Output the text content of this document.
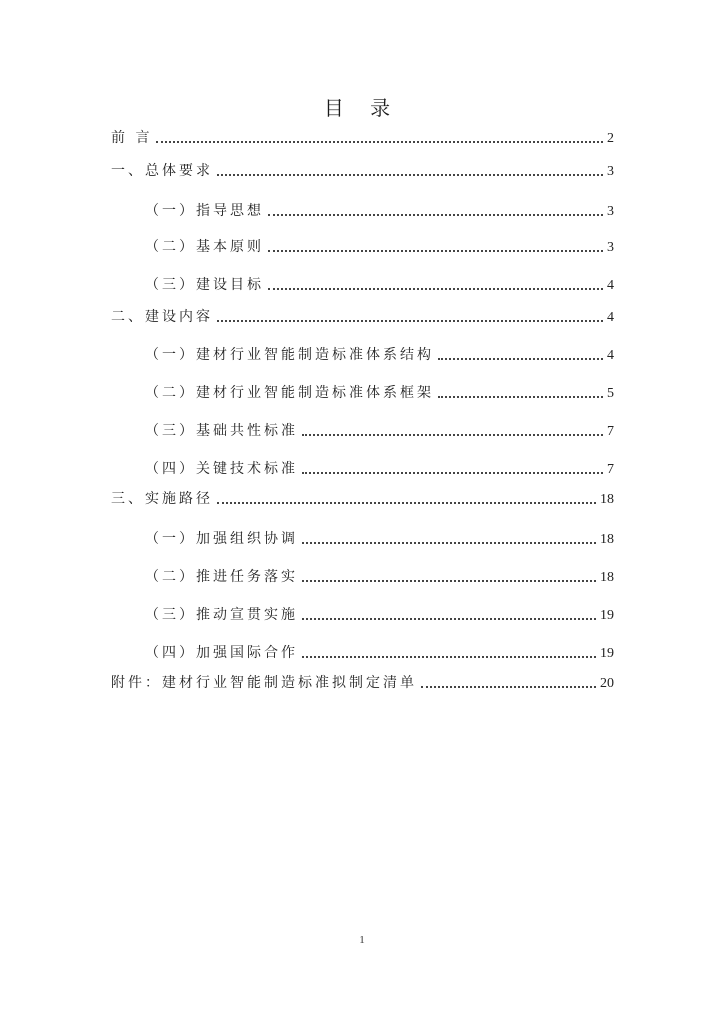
目 录
前 言	2
一、总体要求	3
（一）指导思想	3
（二）基本原则	3
（三）建设目标	4
二、建设内容	4
（一）建材行业智能制造标准体系结构	4
（二）建材行业智能制造标准体系框架	5
（三）基础共性标准	7
（四）关键技术标准	7
三、实施路径	18
（一）加强组织协调	18
（二）推进任务落实	18
（三）推动宣贯实施	19
（四）加强国际合作	19
附件：建材行业智能制造标准拟制定清单	20
1
